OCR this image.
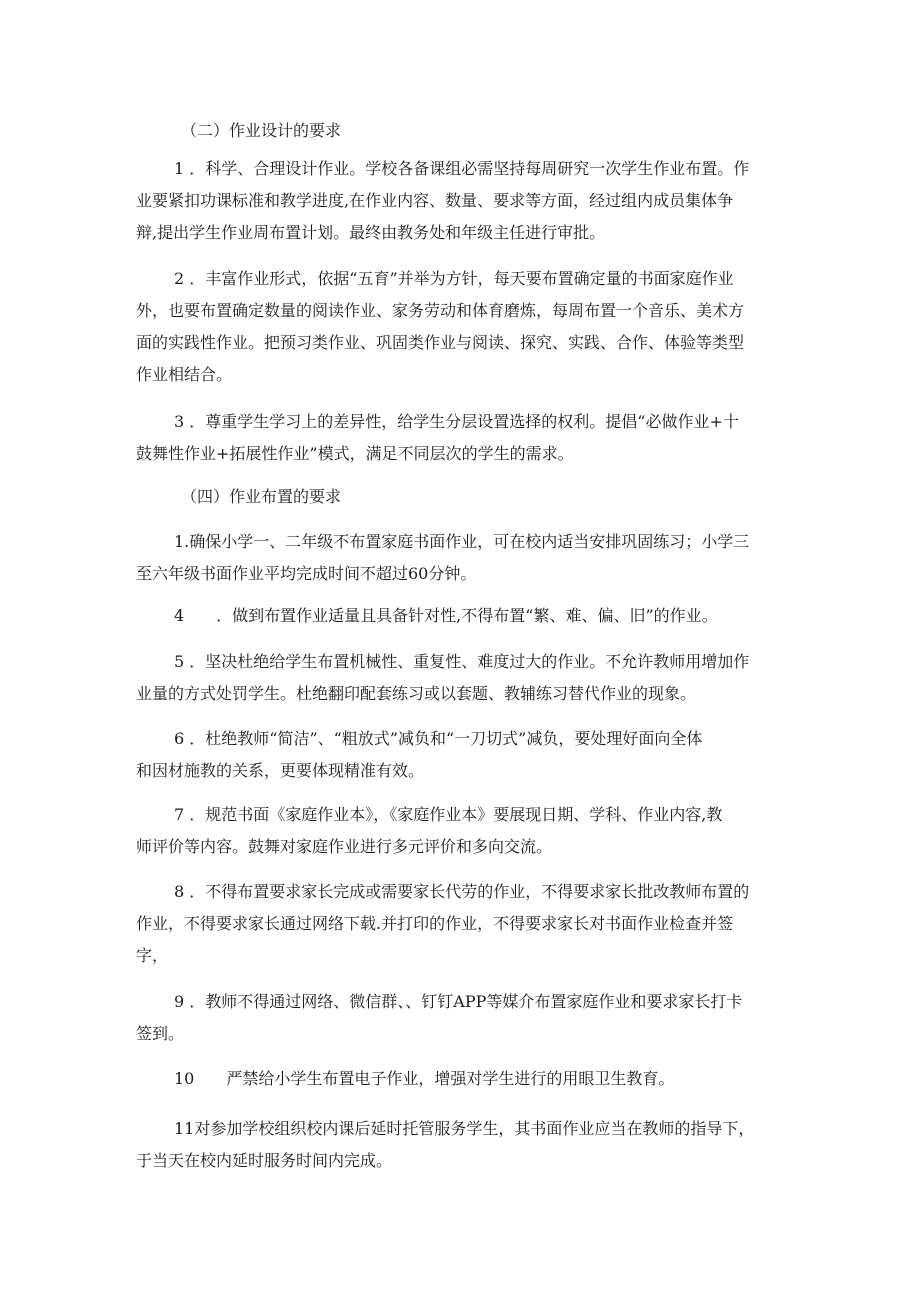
（二）作业设计的要求
1 ．科学、合理设计作业。学校各备课组必需坚持每周研究一次学生作业布置。作
业要紧扣功课标准和教学进度,在作业内容、数量、要求等方面，经过组内成员集体争
辩,提出学生作业周布置计划。最终由教务处和年级主任进行审批。
2 ．丰富作业形式，依据“五育”并举为方针，每天要布置确定量的书面家庭作业
外，也要布置确定数量的阅读作业、家务劳动和体育磨炼，每周布置一个音乐、美术方
面的实践性作业。把预习类作业、巩固类作业与阅读、探究、实践、合作、体验等类型
作业相结合。
3 ．尊重学生学习上的差异性，给学生分层设置选择的权利。提倡“必做作业+十
鼓舞性作业+拓展性作业”模式，满足不同层次的学生的需求。
（四）作业布置的要求
1.确保小学一、二年级不布置家庭书面作业，可在校内适当安排巩固练习；小学三
至六年级书面作业平均完成时间不超过60分钟。
4　　．做到布置作业适量且具备针对性,不得布置“繁、难、偏、旧”的作业。
5 ．坚决杜绝给学生布置机械性、重复性、难度过大的作业。不允许教师用增加作
业量的方式处罚学生。杜绝翻印配套练习或以套题、教辅练习替代作业的现象。
6 ．杜绝教师“简洁”、“粗放式”减负和“一刀切式”减负，要处理好面向全体
和因材施教的关系，更要体现精准有效。
7 ．规范书面《家庭作业本》，《家庭作业本》要展现日期、学科、作业内容,教
师评价等内容。鼓舞对家庭作业进行多元评价和多向交流。
8 ．不得布置要求家长完成或需要家长代劳的作业，不得要求家长批改教师布置的
作业，不得要求家长通过网络下载.并打印的作业，不得要求家长对书面作业检查并签
字，
9 ．教师不得通过网络、微信群、、钉钉APP等媒介布置家庭作业和要求家长打卡
签到。
10　　严禁给小学生布置电子作业，增强对学生进行的用眼卫生教育。
11对参加学校组织校内课后延时托管服务学生，其书面作业应当在教师的指导下，
于当天在校内延时服务时间内完成。
